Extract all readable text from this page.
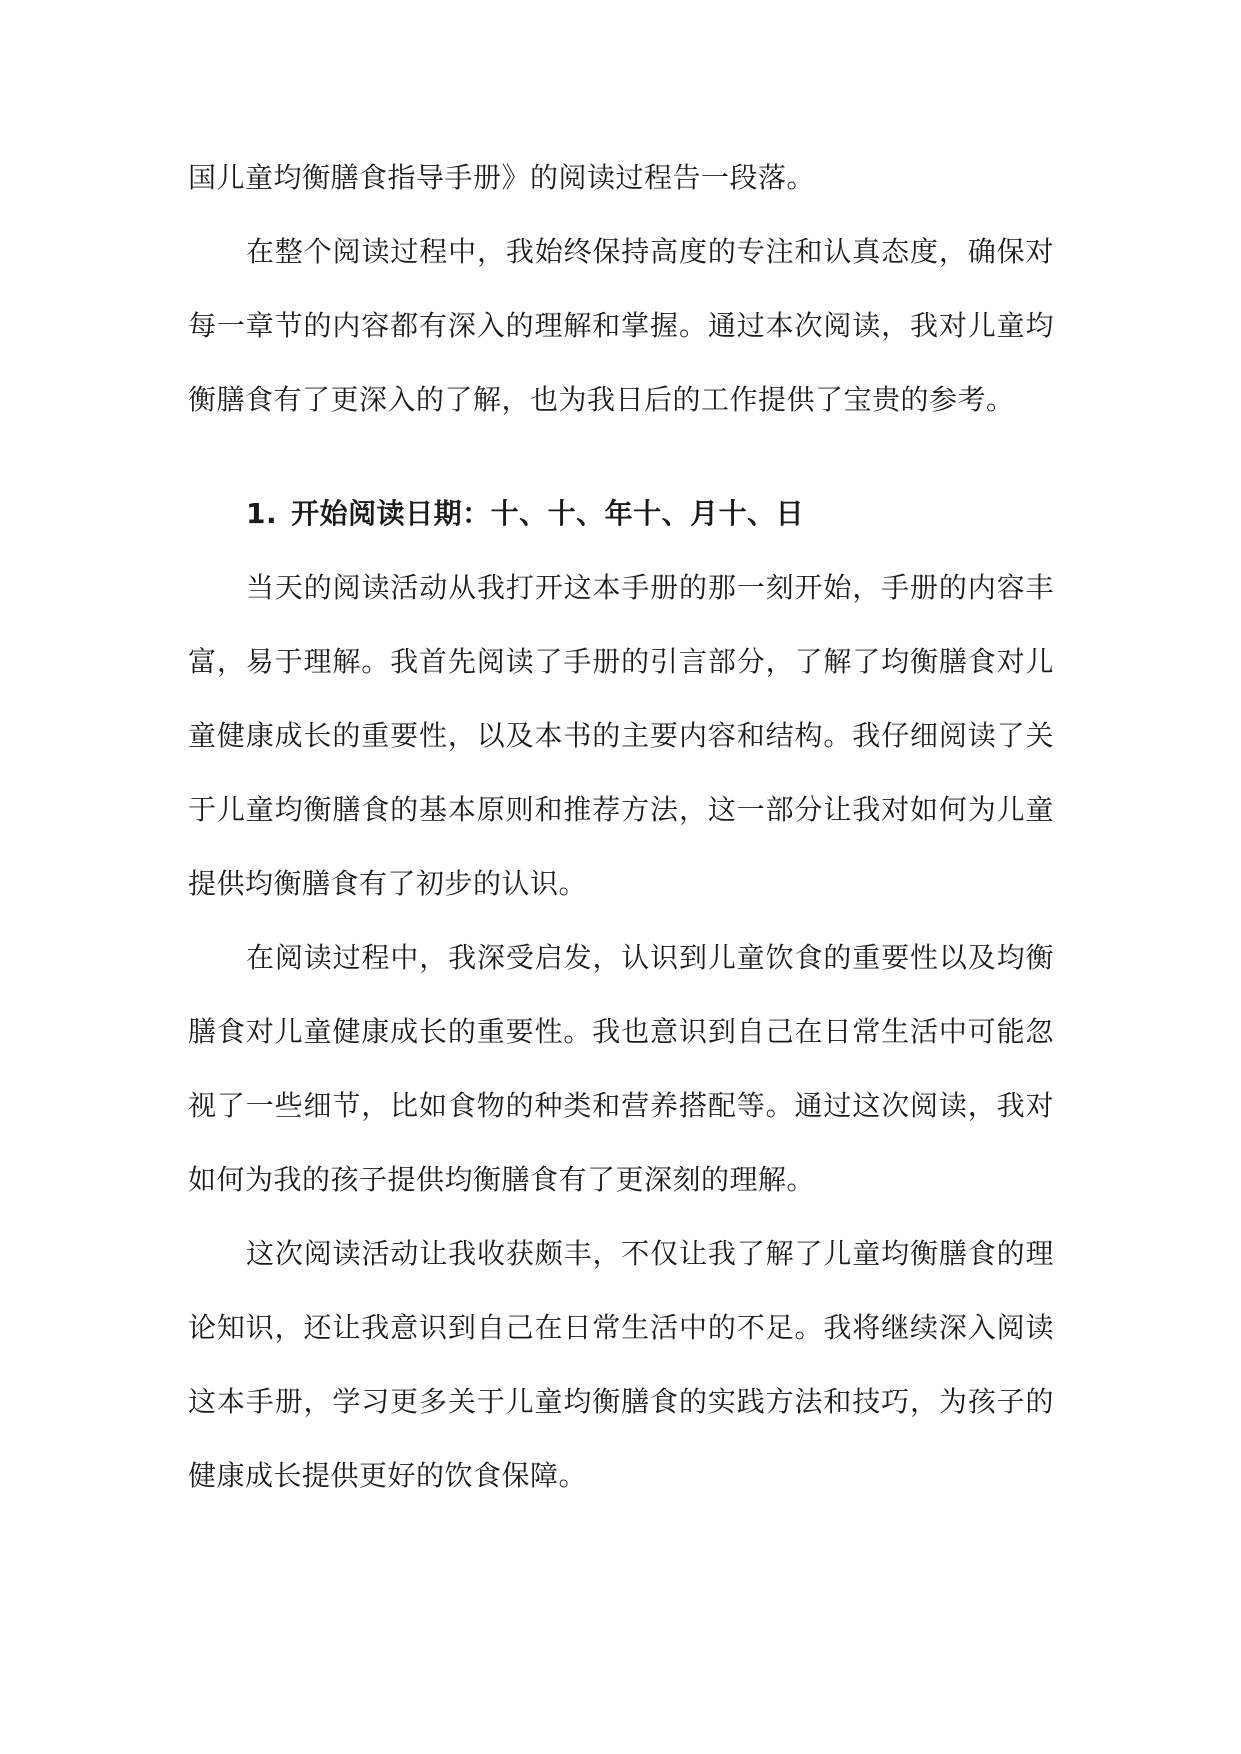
国儿童均衡膳食指导手册》的阅读过程告一段落。

在整个阅读过程中，我始终保持高度的专注和认真态度，确保对每一章节的内容都有深入的理解和掌握。通过本次阅读，我对儿童均衡膳食有了更深入的了解，也为我日后的工作提供了宝贵的参考。

1. 开始阅读日期：十、十、年十、月十、日

当天的阅读活动从我打开这本手册的那一刻开始，手册的内容丰富，易于理解。我首先阅读了手册的引言部分，了解了均衡膳食对儿童健康成长的重要性，以及本书的主要内容和结构。我仔细阅读了关于儿童均衡膳食的基本原则和推荐方法，这一部分让我对如何为儿童提供均衡膳食有了初步的认识。

在阅读过程中，我深受启发，认识到儿童饮食的重要性以及均衡膳食对儿童健康成长的重要性。我也意识到自己在日常生活中可能忽视了一些细节，比如食物的种类和营养搭配等。通过这次阅读，我对如何为我的孩子提供均衡膳食有了更深刻的理解。

这次阅读活动让我收获颇丰，不仅让我了解了儿童均衡膳食的理论知识，还让我意识到自己在日常生活中的不足。我将继续深入阅读这本手册，学习更多关于儿童均衡膳食的实践方法和技巧，为孩子的健康成长提供更好的饮食保障。
